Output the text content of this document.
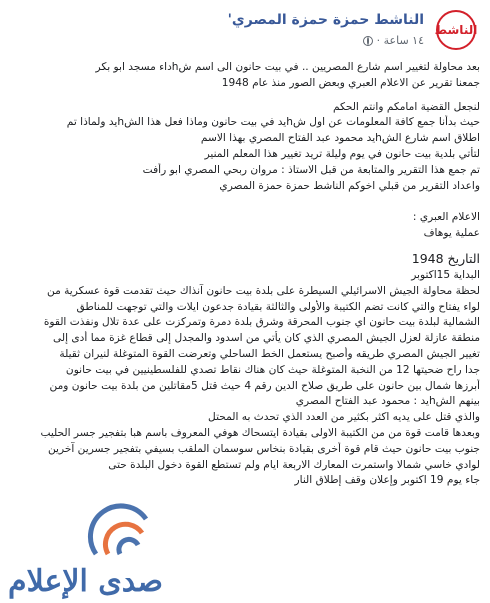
الناشط
الناشط حمزة حمزة المصري'
١٤ ساعة ·
بعد محاولة لتغيير اسم شارع المصريين .. في بيت حانون الى اسم شhداء مسجد ابو بكر
جمعنا تقرير عن الاعلام العبري وبعض الصور منذ عام 1948
لنجعل القضية امامكم وانتم الحكم
حيث بدأنا جمع كافة المعلومات عن اول شhيد في بيت حانون وماذا فعل هذا الشhيد ولماذا تم
اطلاق اسم شارع الشhيد محمود عبد الفتاح المصري بهذا الاسم
لتأتي بلدية بيت حانون في يوم وليلة تريد تغيير هذا المعلم المنير
تم جمع هذا التقرير والمتابعة من قبل الاستاذ : مروان ربحي المصري ابو رأفت
واعداد التقرير من قبلي اخوكم الناشط حمزة حمزة المصري
الاعلام العبري :
عملية يوهاف
التاريخ 1948
البداية 15اكتوبر
لحظة محاولة الجيش الاسرائيلي السيطرة على بلدة بيت حانون آنذاك حيث تقدمت قوة عسكرية من
لواء يفتاح والتي كانت تضم الكتيبة والأولى والثالثة بقيادة جدعون ايلات والتي توجهت للمناطق
الشمالية لبلدة بيت حانون اي جنوب المحرقة وشرق بلدة دمرة وتمركزت على عدة تلال ونفذت القوة
منطقة عازلة لعزل الجيش المصري الذي كان يأتي من اسدود والمجدل إلى قطاع غزة مما أدى إلى
تغيير الجيش المصري طريقه وأصبح يستعمل الخط الساحلي وتعرضت القوة المتوغلة لنيران ثقيلة
جدا راح ضحيتها 12 من النخبة المتوغلة حيث كان هناك نقاط تصدي للفلسطينيين في بيت حانون
أبرزها شمال بين حانون على طريق صلاح الدين رقم 4 حيث قتل 5مقاتلين من بلدة بيت حانون ومن
بينهم الشhيد : محمود عبد الفتاح المصري
والذي قتل على يديه اكثر بكثير من العدد الذي تحدث به المحتل
وبعدها قامت قوة من من الكتيبة الاولى بقيادة ايتسحاك هوفي المعروف باسم هبا بتفجير جسر الحليب
جنوب بيت حانون حيث قام قوة أخرى بقيادة بنخاس سوسمان الملقب بسيفي بتفجير جسرين آخرين
لوادي خاسي شمالا واستمرت المعارك الاربعة ايام ولم تستطع القوة دخول البلدة حتى
جاء يوم 19 اكتوبر وإعلان وقف إطلاق النار
صدى الإعلام
